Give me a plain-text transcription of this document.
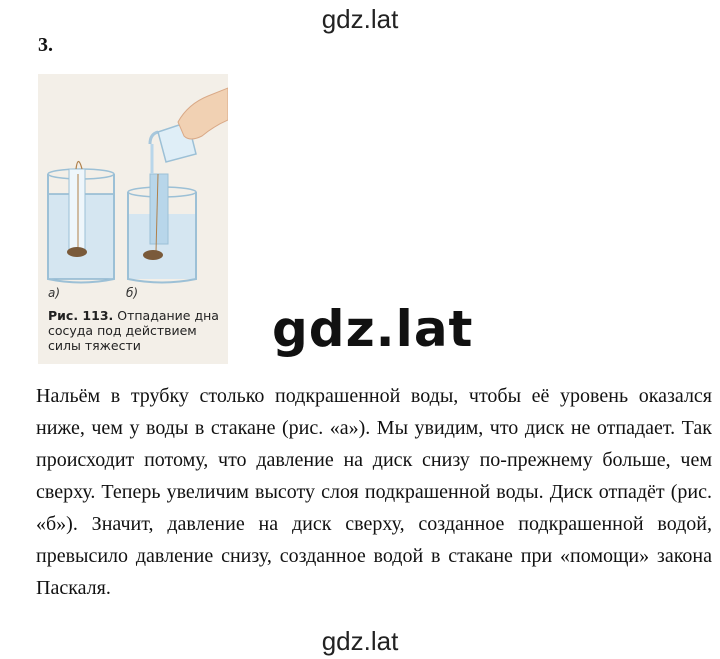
gdz.lat
3.
а)	б)
Рис. 113. Отпадание дна сосуда под действием силы тяжести	gdz.lat
Нальём в трубку столько подкрашенной воды, чтобы её уровень оказался ниже, чем у воды в стакане (рис. «а»). Мы увидим, что диск не отпадает. Так происходит потому, что давление на диск снизу по-прежнему больше, чем сверху. Теперь увеличим высоту слоя подкрашенной воды. Диск отпадёт (рис. «б»). Значит, давление на диск сверху, созданное подкрашенной водой, превысило давление снизу, созданное водой в стакане при «помощи» закона Паскаля.
gdz.lat
